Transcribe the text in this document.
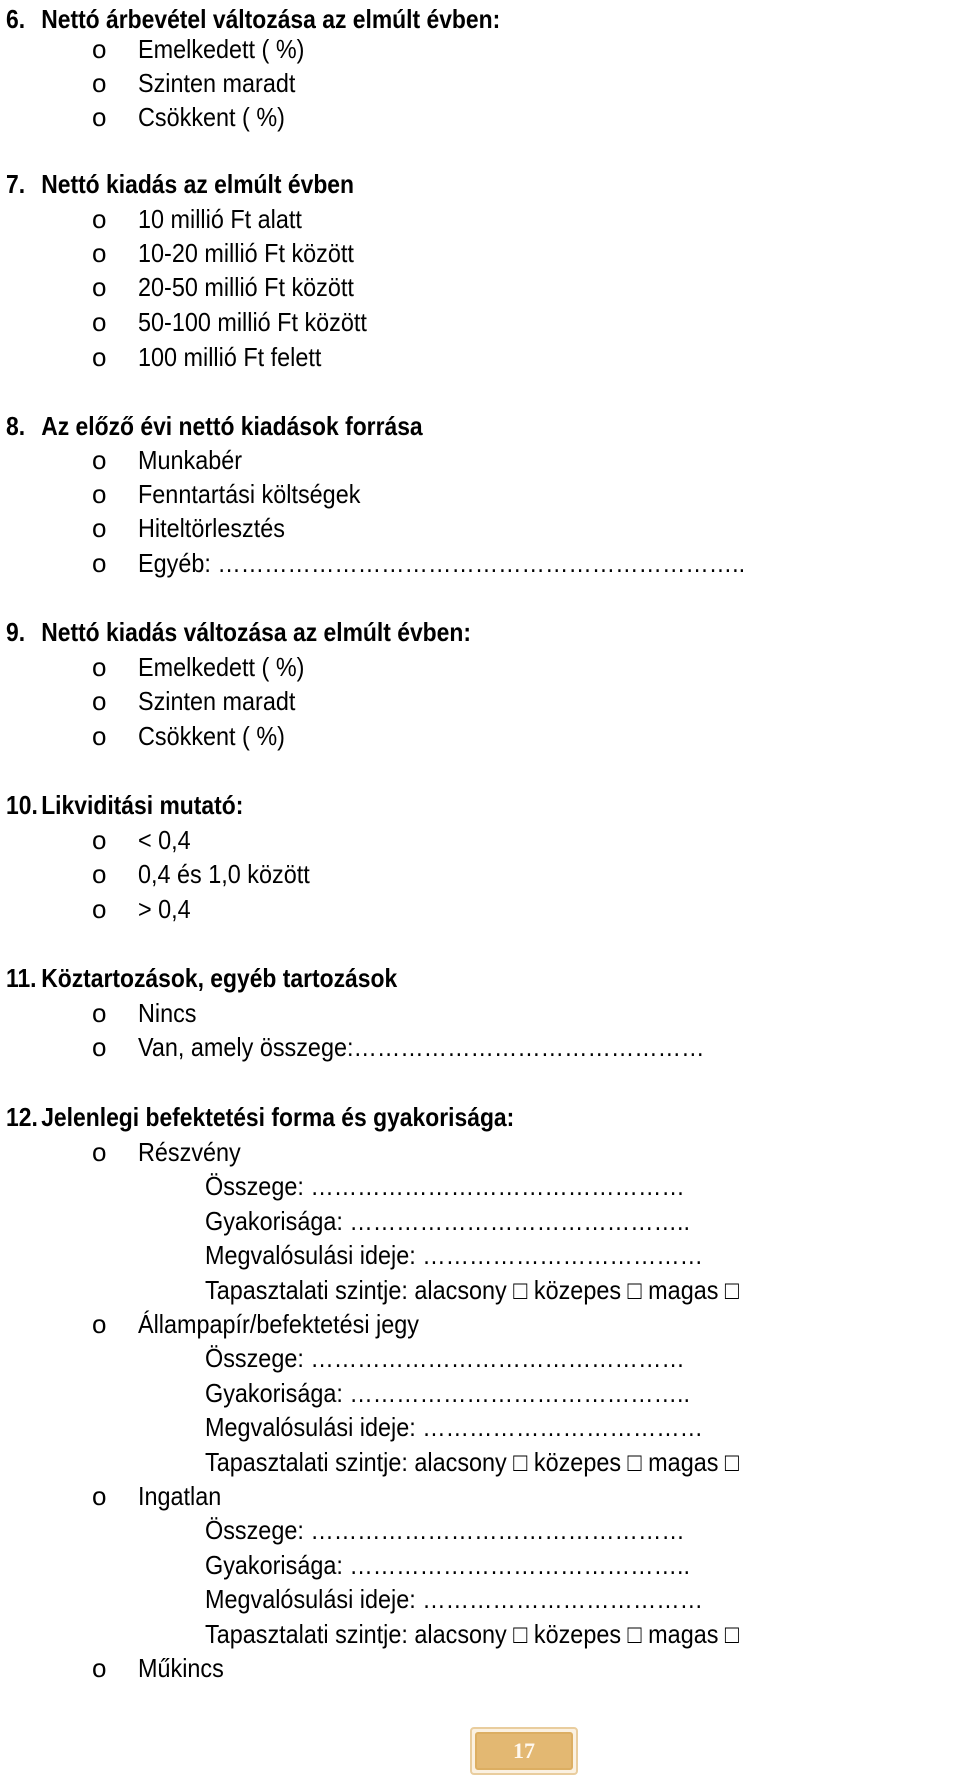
6. Nettó árbevétel változása az elmúlt évben:
o Emelkedett ( %)
o Szinten maradt
o Csökkent ( %)
7. Nettó kiadás az elmúlt évben
o 10 millió Ft alatt
o 10-20 millió Ft között
o 20-50 millió Ft között
o 50-100 millió Ft között
o 100 millió Ft felett
8. Az előző évi nettó kiadások forrása
o Munkabér
o Fenntartási költségek
o Hiteltörlesztés
o Egyéb: …………………………………………………………..
9. Nettó kiadás változása az elmúlt évben:
o Emelkedett ( %)
o Szinten maradt
o Csökkent ( %)
10. Likviditási mutató:
o < 0,4
o 0,4 és 1,0 között
o > 0,4
11. Köztartozások, egyéb tartozások
o Nincs
o Van, amely összege:………………………………………
12. Jelenlegi befektetési forma és gyakorisága:
o Részvény
Összege: …………………………………………
Gyakorisága: ……………………………………..
Megvalósulási ideje: ………………………………
Tapasztalati szintje: alacsony □ közepes □ magas □
o Állampapír/befektetési jegy
Összege: …………………………………………
Gyakorisága: ……………………………………..
Megvalósulási ideje: ………………………………
Tapasztalati szintje: alacsony □ közepes □ magas □
o Ingatlan
Összege: …………………………………………
Gyakorisága: ……………………………………..
Megvalósulási ideje: ………………………………
Tapasztalati szintje: alacsony □ közepes □ magas □
o Műkincs
17
